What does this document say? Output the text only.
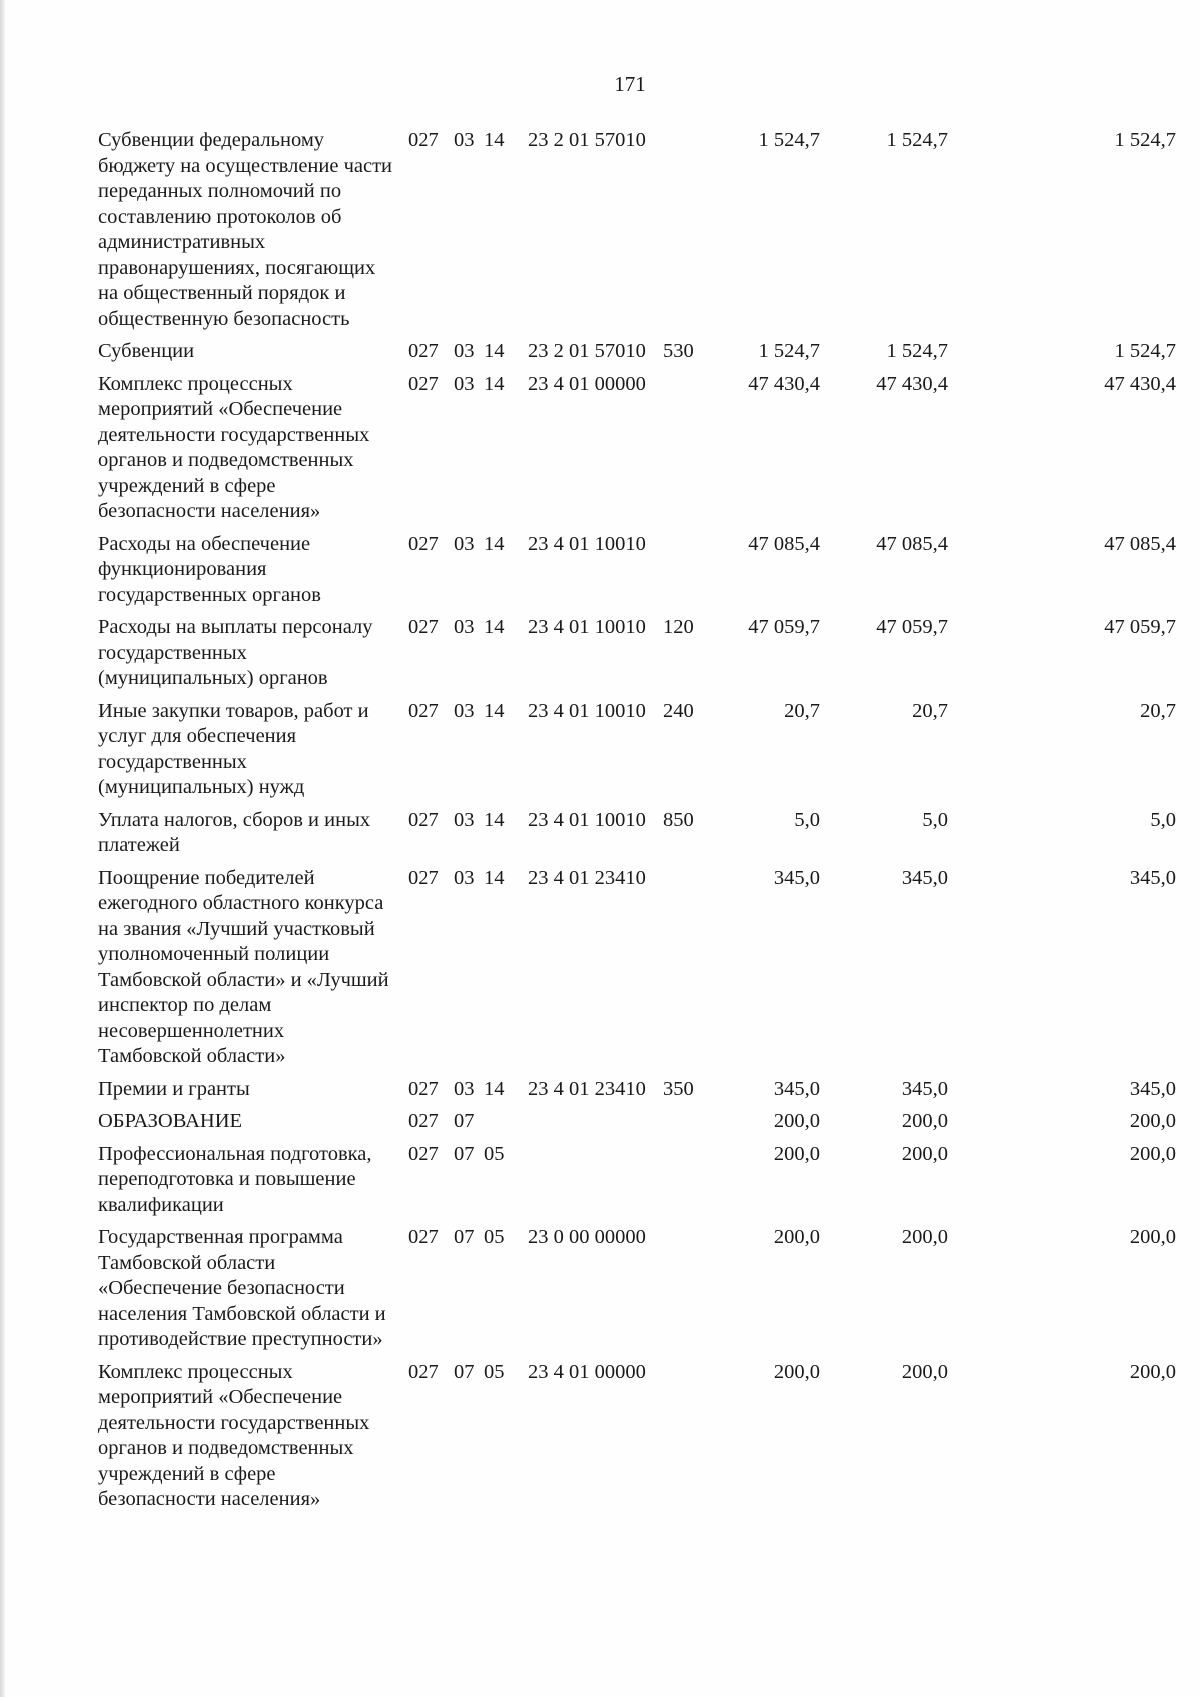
171
Субвенции федеральному
бюджету на осуществление части
переданных полномочий по
составлению протоколов об
административных
правонарушениях, посягающих
на общественный порядок и
общественную безопасность
027 03 14 23 2 01 57010	1 524,7	1 524,7	1 524,7
Субвенции	027 03 14 23 2 01 57010 530	1 524,7	1 524,7	1 524,7
Комплекс процессных
мероприятий «Обеспечение
деятельности государственных
органов и подведомственных
учреждений в сфере
безопасности населения»
027 03 14 23 4 01 00000	47 430,4	47 430,4	47 430,4
Расходы на обеспечение
функционирования
государственных органов
027 03 14 23 4 01 10010	47 085,4	47 085,4	47 085,4
Расходы на выплаты персоналу
государственных
(муниципальных) органов
027 03 14 23 4 01 10010 120	47 059,7	47 059,7	47 059,7
Иные закупки товаров, работ и
услуг для обеспечения
государственных
(муниципальных) нужд
027 03 14 23 4 01 10010 240	20,7	20,7	20,7
Уплата налогов, сборов и иных
платежей
027 03 14 23 4 01 10010 850	5,0	5,0	5,0
Поощрение победителей
ежегодного областного конкурса
на звания «Лучший участковый
уполномоченный полиции
Тамбовской области» и «Лучший
инспектор по делам
несовершеннолетних
Тамбовской области»
027 03 14 23 4 01 23410	345,0	345,0	345,0
Премии и гранты	027 03 14 23 4 01 23410 350	345,0	345,0	345,0
ОБРАЗОВАНИЕ	027 07	200,0	200,0	200,0
Профессиональная подготовка,
переподготовка и повышение
квалификации
027 07 05	200,0	200,0	200,0
Государственная программа
Тамбовской области
«Обеспечение безопасности
населения Тамбовской области и
противодействие преступности»
027 07 05 23 0 00 00000	200,0	200,0	200,0
Комплекс процессных
мероприятий «Обеспечение
деятельности государственных
органов и подведомственных
учреждений в сфере
безопасности населения»
027 07 05 23 4 01 00000	200,0	200,0	200,0
